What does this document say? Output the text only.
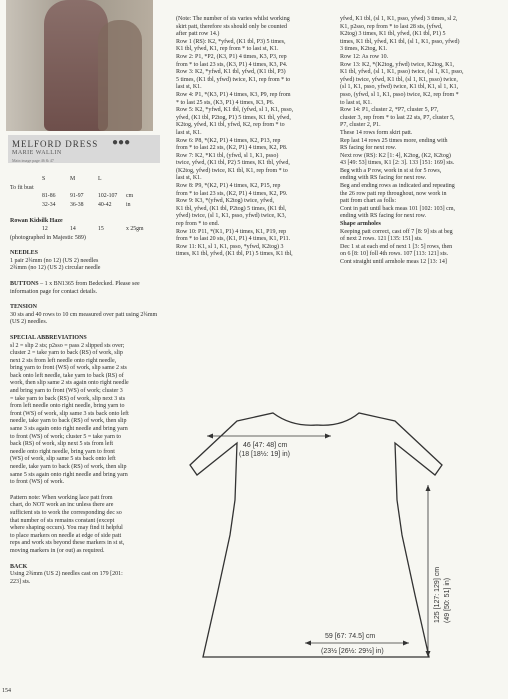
MELFORD DRESS ●●●
MARIE WALLIN
Main image page 46 & 47
	S	M	L	
To fit bust				
	81-86	91-97	102-107	cm
	32-34	36-38	40-42	in

Rowan Kidsilk Haze

	12	14	15	x 25gm

(photographed in Majestic 589)

NEEDLES

1 pair 2¾mm (no 12) (US 2) needles

2¾mm (no 12) (US 2) circular needle

BUTTONS – 1 x BN1365 from Bedecked. Please see information page for contact details.

TENSION

30 sts and 40 rows to 10 cm measured over patt using 2¾mm (US 2) needles.

SPECIAL ABBREVIATIONS

sl 2 = slip 2 sts; p2sso = pass 2 slipped sts over;

cluster 2 = take yarn to back (RS) of work, slip

next 2 sts from left needle onto right needle,

bring yarn to front (WS) of work, slip same 2 sts

back onto left needle, take yarn to back (RS) of

work, then slip same 2 sts again onto right needle

and bring yarn to front (WS) of work; cluster 3

= take yarn to back (RS) of work, slip next 3 sts

from left needle onto right needle, bring yarn to

front (WS) of work, slip same 3 sts back onto left

needle, take yarn to back (RS) of work, then slip

same 3 sts again onto right needle and bring yarn

to front (WS) of work; cluster 5 = take yarn to

back (RS) of work, slip next 5 sts from left

needle onto right needle, bring yarn to front

(WS) of work, slip same 5 sts back onto left

needle, take yarn to back (RS) of work, then slip

same 5 sts again onto right needle and bring yarn

to front (WS) of work.

Pattern note: When working lace patt from

chart, do NOT work an inc unless there are

sufficient sts to work the corresponding dec so

that number of sts remains constant (except

where shaping occurs). You may find it helpful

to place markers on needle at edge of side patt

reps and work sts beyond these markers in st st,

moving markers in (or out) as required.

BACK

Using 2¾mm (US 2) needles cast on 179 [201:

223] sts.

(Note: The number of sts varies whilst working

skirt patt, therefore sts should only be counted

after patt row 14.)

Row 1 (RS): K2, *yfwd, (K1 tbl, P3) 5 times,

K1 tbl, yfwd, K1, rep from * to last st, K1.

Row 2: P1, *P2, (K3, P1) 4 times, K3, P3, rep

from * to last 23 sts, (K3, P1) 4 times, K3, P4.

Row 3: K2, *yfwd, K1 tbl, yfwd, (K1 tbl, P3)

5 times, (K1 tbl, yfwd) twice, K1, rep from * to

last st, K1.

Row 4: P1, *(K3, P1) 4 times, K3, P9, rep from

* to last 25 sts, (K3, P1) 4 times, K3, P6.

Row 5: K2, *yfwd, K1 tbl, (yfwd, sl 1, K1, psso,

yfwd, (K1 tbl, P2tog, P1) 5 times, K1 tbl, yfwd,

K2tog, yfwd, K1 tbl, yfwd, K2, rep from * to

last st, K1.

Row 6: P8, *(K2, P1) 4 times, K2, P13, rep

from * to last 22 sts, (K2, P1) 4 times, K2, P8.

Row 7: K2, *K1 tbl, (yfwd, sl 1, K1, psso)

twice, yfwd, (K1 tbl, P2) 5 times, K1 tbl, yfwd,

(K2tog, yfwd) twice, K1 tbl, K1, rep from * to

last st, K1.

Row 8: P9, *(K2, P1) 4 times, K2, P15, rep

from * to last 23 sts, (K2, P1) 4 times, K2, P9.

Row 9: K3, *(yfwd, K2tog) twice, yfwd,

K1 tbl, yfwd, (K1 tbl, P2tog) 5 times, (K1 tbl,

yfwd) twice, (sl 1, K1, psso, yfwd) twice, K3,

rep from * to end.

Row 10: P11, *(K1, P1) 4 times, K1, P19, rep

from * to last 20 sts, (K1, P1) 4 times, K1, P11.

Row 11: K1, sl 1, K1, psso, *yfwd, K2tog) 3

times, K1 tbl, yfwd, (K1 tbl, P1) 5 times, K1 tbl,

yfwd, K1 tbl, (sl 1, K1, psso, yfwd) 3 times, sl 2,

K1, p2sso, rep from * to last 28 sts, (yfwd,

K2tog) 3 times, K1 tbl, yfwd, (K1 tbl, P1) 5

times, K1 tbl, yfwd, K1 tbl, (sl 1, K1, psso, yfwd)

3 times, K2tog, K1.

Row 12: As row 10.

Row 13: K2, *(K2tog, yfwd) twice, K2tog, K1,

K1 tbl, yfwd, (sl 1, K1, psso) twice, (sl 1, K1, psso,

yfwd) twice, yfwd, K1 tbl, (sl 1, K1, psso) twice,

(sl 1, K1, psso, yfwd) twice, K1 tbl, K1, sl 1, K1,

psso, (yfwd, sl 1, K1, psso) twice, K2, rep from *

to last st, K1.

Row 14: P1, cluster 2, *P7, cluster 5, P7,

cluster 3, rep from * to last 22 sts, P7, cluster 5,

P7, cluster 2, P1.

These 14 rows form skirt patt.

Rep last 14 rows 25 times more, ending with

RS facing for next row.

Next row (RS): K2 [1: 4], K2tog, (K2, K2tog)

43 [49: 53] times, K1 [2: 3]. 133 [151: 169] sts.

Beg with a P row, work in st st for 5 rows,

ending with RS facing for next row.

Beg and ending rows as indicated and repeating

the 26 row patt rep throughout, now work in

patt from chart as folls:

Cont in patt until back meas 101 [102: 103] cm,

ending with RS facing for next row.

Shape armholes

Keeping patt correct, cast off 7 [8: 9] sts at beg

of next 2 rows. 121 [135: 151] sts.

Dec 1 st at each end of next 1 [3: 5] rows, then

on 6 [8: 10] foll 4th rows. 107 [113: 121] sts.

Cont straight until armhole meas 12 [13: 14]

46 [47: 48] cm
(18 [18½: 19] in)
125 [127: 129] cm (49 [50: 51] in)
59 [67: 74.5] cm
(23½ [26½: 29½] in)
154
